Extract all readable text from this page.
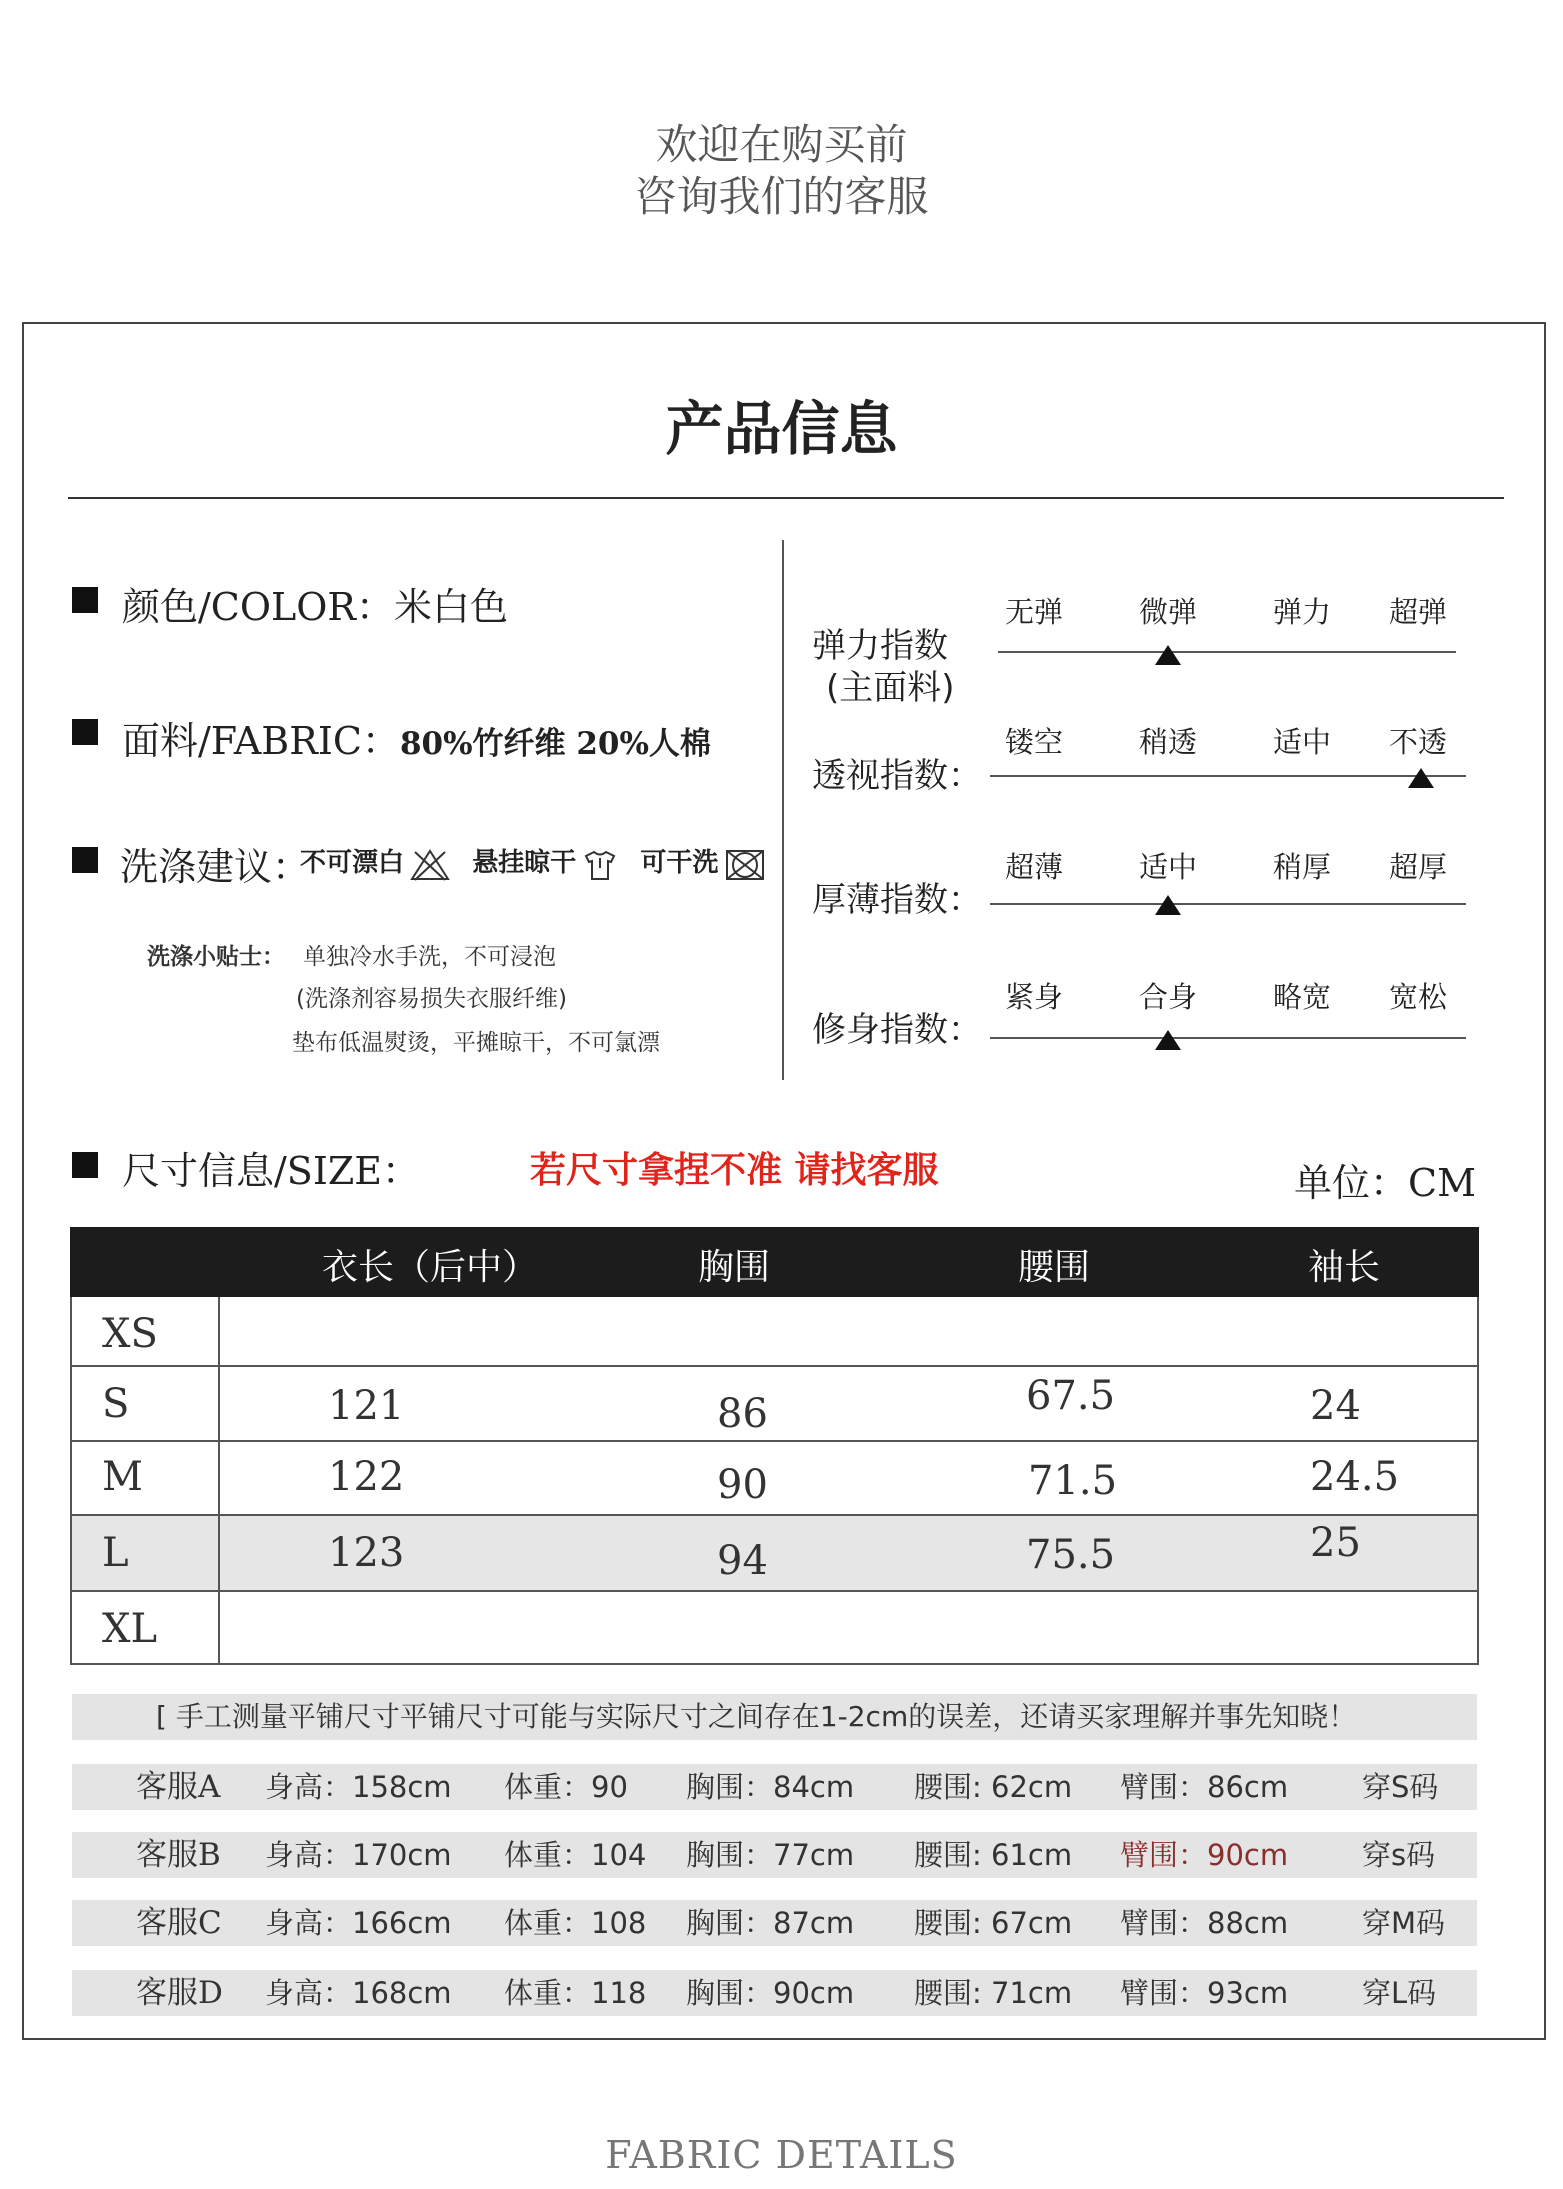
欢迎在购买前
咨询我们的客服
产品信息
颜色/COLOR：米白色
面料/FABRIC：80%竹纤维 20%人棉
洗涤建议：
不可漂白	悬挂晾干 可干洗
洗涤小贴士： 单独冷水手洗，不可浸泡
(洗涤剂容易损失衣服纤维)
垫布低温熨烫，平摊晾干，不可氯漂
弹力指数
(主面料)
透视指数：
厚薄指数：
修身指数：
无弹	微弹	弹力	超弹
镂空	稍透	适中	不透
超薄	适中	稍厚	超厚
紧身	合身	略宽	宽松
尺寸信息/SIZE：	若尺寸拿捏不准 请找客服	单位：CM
衣长（后中）	胸围	腰围	袖长
XS
S	121	86	67.5	24
M	122	90	71.5	24.5
L	123	94	75.5	25
XL
[ 手工测量平铺尺寸平铺尺寸可能与实际尺寸之间存在1-2cm的误差，还请买家理解并事先知晓！
客服A 身高：158cm 体重：90 胸围：84cm 腰围: 62cm 臂围：86cm	穿S码
客服B 身高：170cm 体重：104 胸围：77cm 腰围: 61cm 臂围：90cm	穿s码
客服C 身高：166cm 体重：108 胸围：87cm 腰围: 67cm 臂围：88cm	穿M码
客服D 身高：168cm 体重：118 胸围：90cm 腰围: 71cm 臂围：93cm	穿L码
FABRIC DETAILS
